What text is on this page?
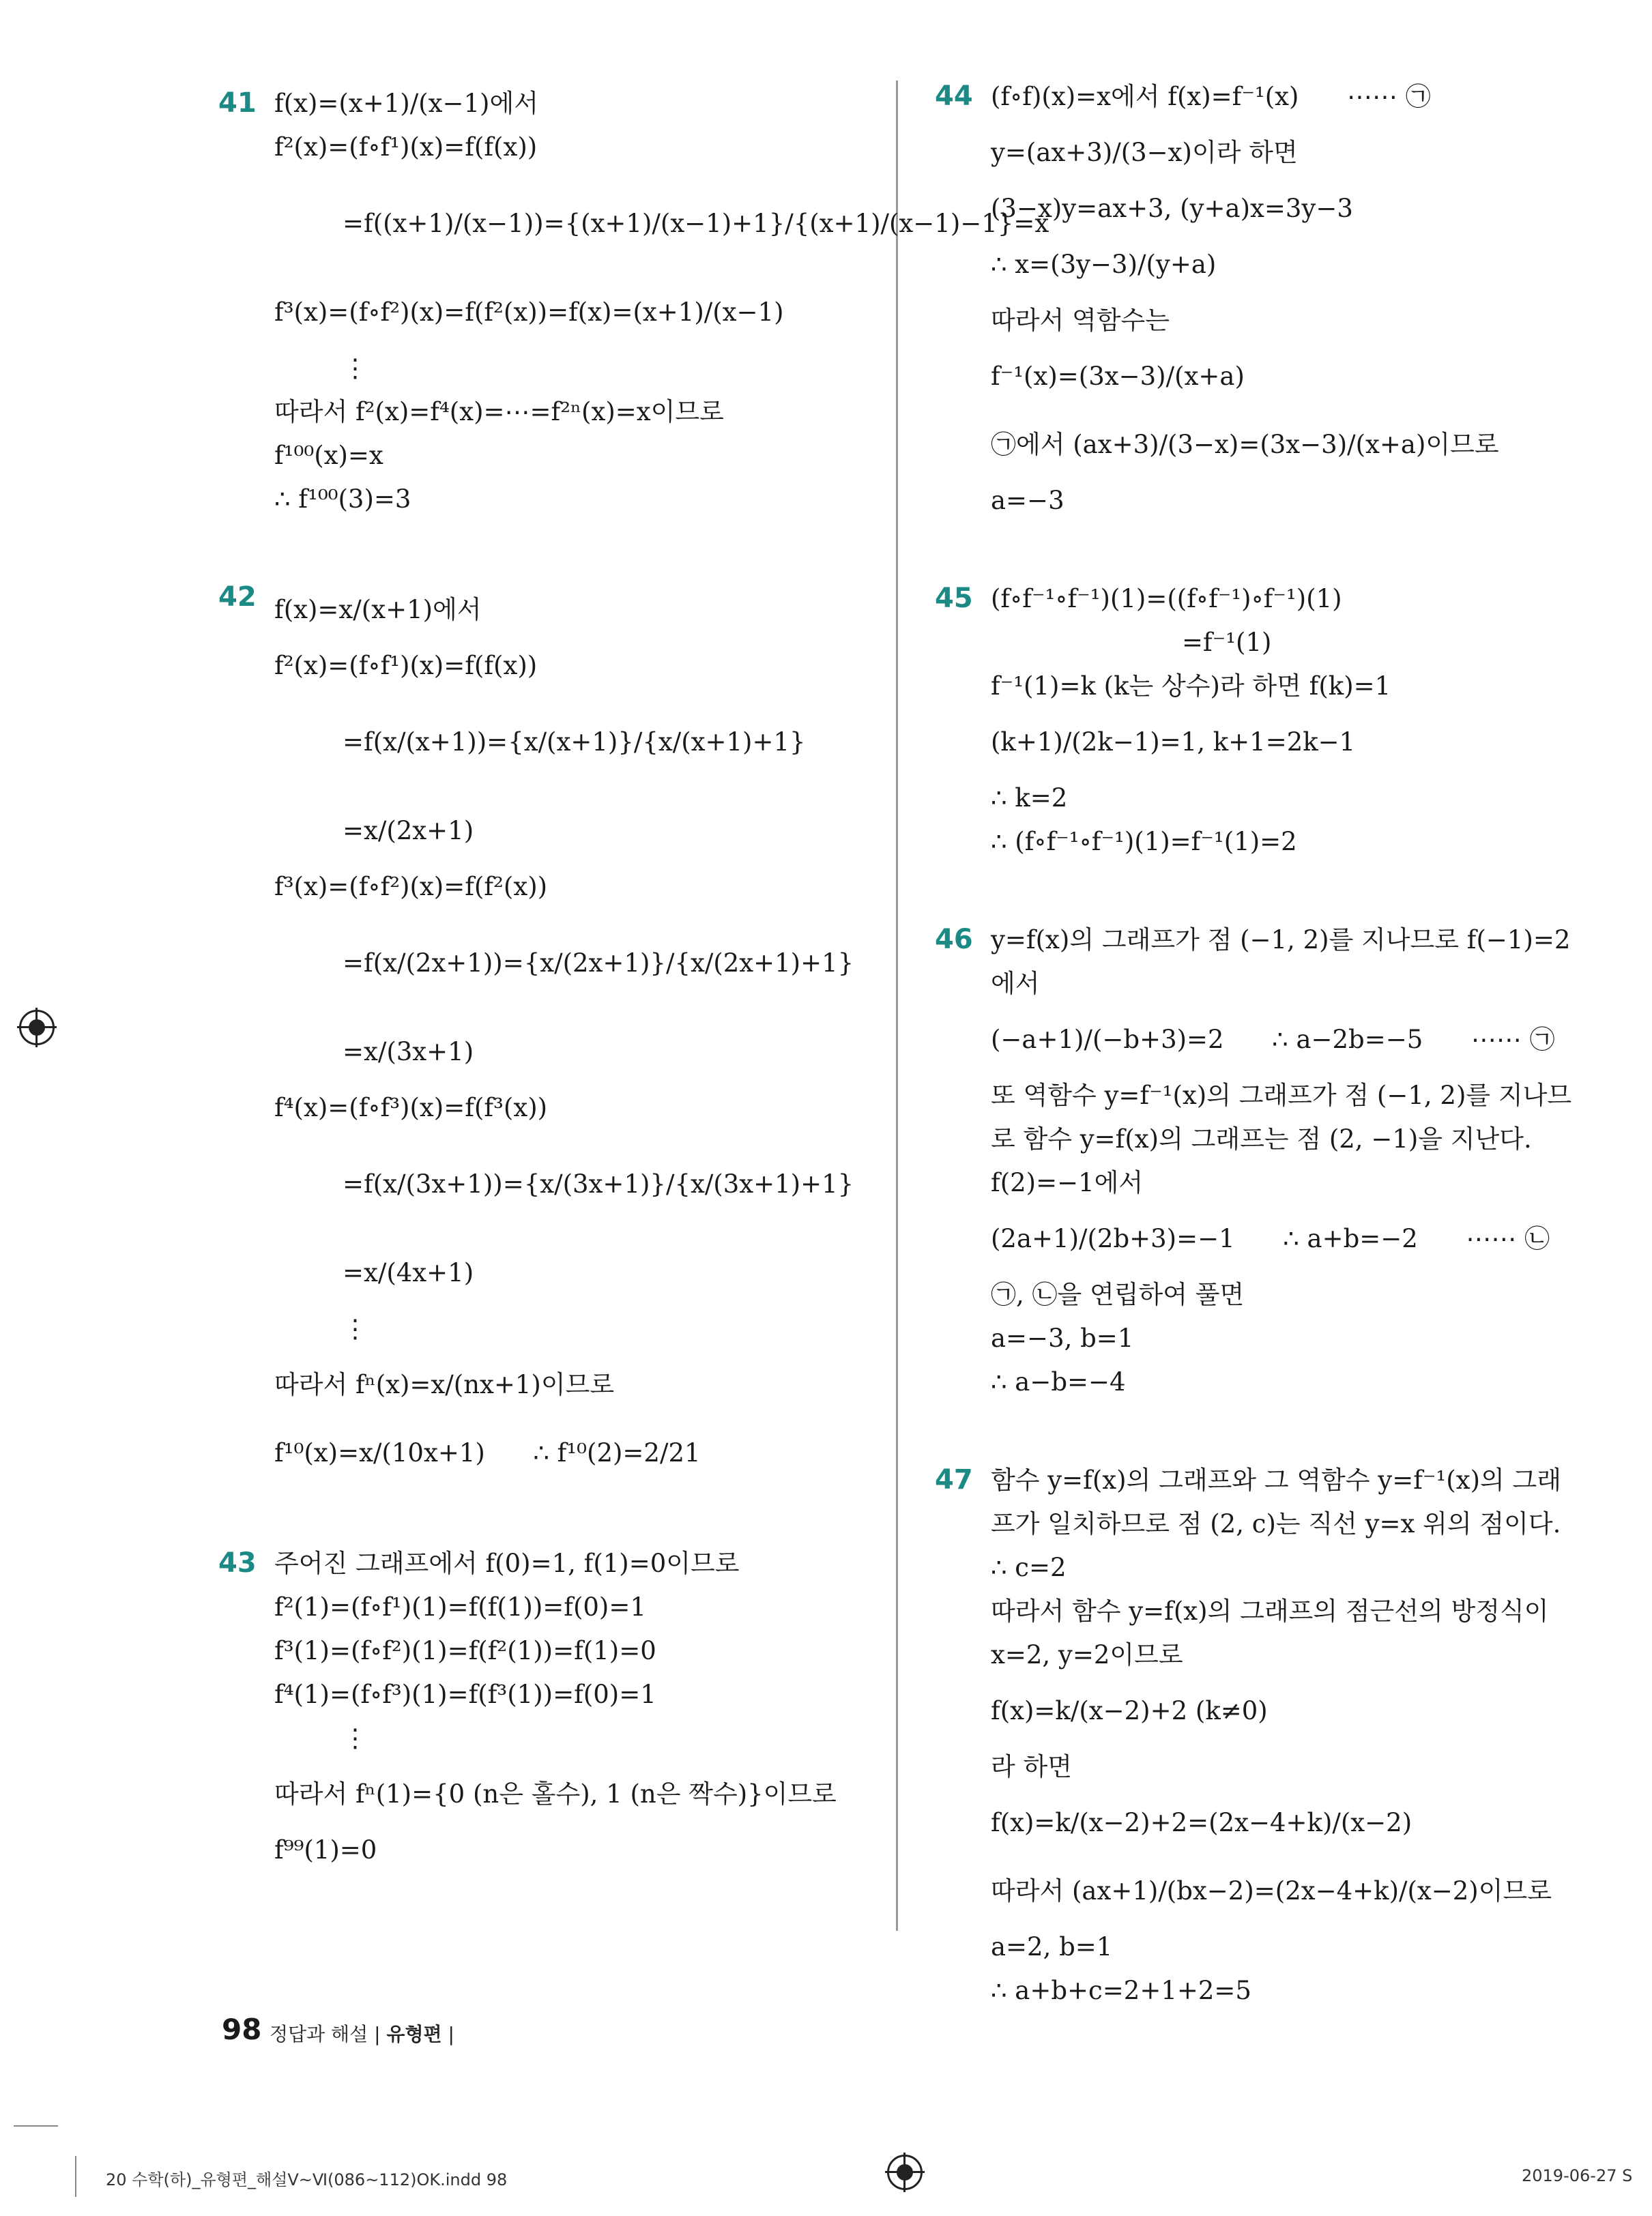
41 f(x)=(x+1)/(x−1)에서
f²(x)=(f∘f¹)(x)=f(f(x))
=f((x+1)/(x−1))={(x+1)/(x−1)+1}/{(x+1)/(x−1)−1}=x
f³(x)=(f∘f²)(x)=f(f²(x))=f(x)=(x+1)/(x−1)
⋮
따라서 f²(x)=f⁴(x)=⋯=f²ⁿ(x)=x이므로
f¹⁰⁰(x)=x
∴ f¹⁰⁰(3)=3
42 f(x)=x/(x+1)에서
f²(x)=(f∘f¹)(x)=f(f(x))
=f(x/(x+1))={x/(x+1)}/{x/(x+1)+1}
=x/(2x+1)
f³(x)=(f∘f²)(x)=f(f²(x))
=f(x/(2x+1))={x/(2x+1)}/{x/(2x+1)+1}
=x/(3x+1)
f⁴(x)=(f∘f³)(x)=f(f³(x))
=f(x/(3x+1))={x/(3x+1)}/{x/(3x+1)+1}
=x/(4x+1)
⋮
따라서 fⁿ(x)=x/(nx+1)이므로
f¹⁰(x)=x/(10x+1)      ∴ f¹⁰(2)=2/21
43 주어진 그래프에서 f(0)=1, f(1)=0이므로
f²(1)=(f∘f¹)(1)=f(f(1))=f(0)=1
f³(1)=(f∘f²)(1)=f(f²(1))=f(1)=0
f⁴(1)=(f∘f³)(1)=f(f³(1))=f(0)=1
⋮
따라서 fⁿ(1)={0 (n은 홀수), 1 (n은 짝수)}이므로
f⁹⁹(1)=0
44 (f∘f)(x)=x에서 f(x)=f⁻¹(x)      ⋯⋯ ㉠
y=(ax+3)/(3−x)이라 하면
(3−x)y=ax+3, (y+a)x=3y−3
∴ x=(3y−3)/(y+a)
따라서 역함수는
f⁻¹(x)=(3x−3)/(x+a)
㉠에서 (ax+3)/(3−x)=(3x−3)/(x+a)이므로
a=−3
45 (f∘f⁻¹∘f⁻¹)(1)=((f∘f⁻¹)∘f⁻¹)(1)
=f⁻¹(1)
f⁻¹(1)=k (k는 상수)라 하면 f(k)=1
(k+1)/(2k−1)=1, k+1=2k−1
∴ k=2
∴ (f∘f⁻¹∘f⁻¹)(1)=f⁻¹(1)=2
46 y=f(x)의 그래프가 점 (−1, 2)를 지나므로 f(−1)=2
에서
(−a+1)/(−b+3)=2      ∴ a−2b=−5      ⋯⋯ ㉠
또 역함수 y=f⁻¹(x)의 그래프가 점 (−1, 2)를 지나므
로 함수 y=f(x)의 그래프는 점 (2, −1)을 지난다.
f(2)=−1에서
(2a+1)/(2b+3)=−1      ∴ a+b=−2      ⋯⋯ ㉡
㉠, ㉡을 연립하여 풀면
a=−3, b=1
∴ a−b=−4
47 함수 y=f(x)의 그래프와 그 역함수 y=f⁻¹(x)의 그래
프가 일치하므로 점 (2, c)는 직선 y=x 위의 점이다.
∴ c=2
따라서 함수 y=f(x)의 그래프의 점근선의 방정식이
x=2, y=2이므로
f(x)=k/(x−2)+2 (k≠0)
라 하면
f(x)=k/(x−2)+2=(2x−4+k)/(x−2)
따라서 (ax+1)/(bx−2)=(2x−4+k)/(x−2)이므로
a=2, b=1
∴ a+b+c=2+1+2=5
98 정답과 해설 | 유형편 |
20 수학(하)_유형편_해설Ⅴ~Ⅵ(086~112)OK.indd 98	2019-06-27 S
